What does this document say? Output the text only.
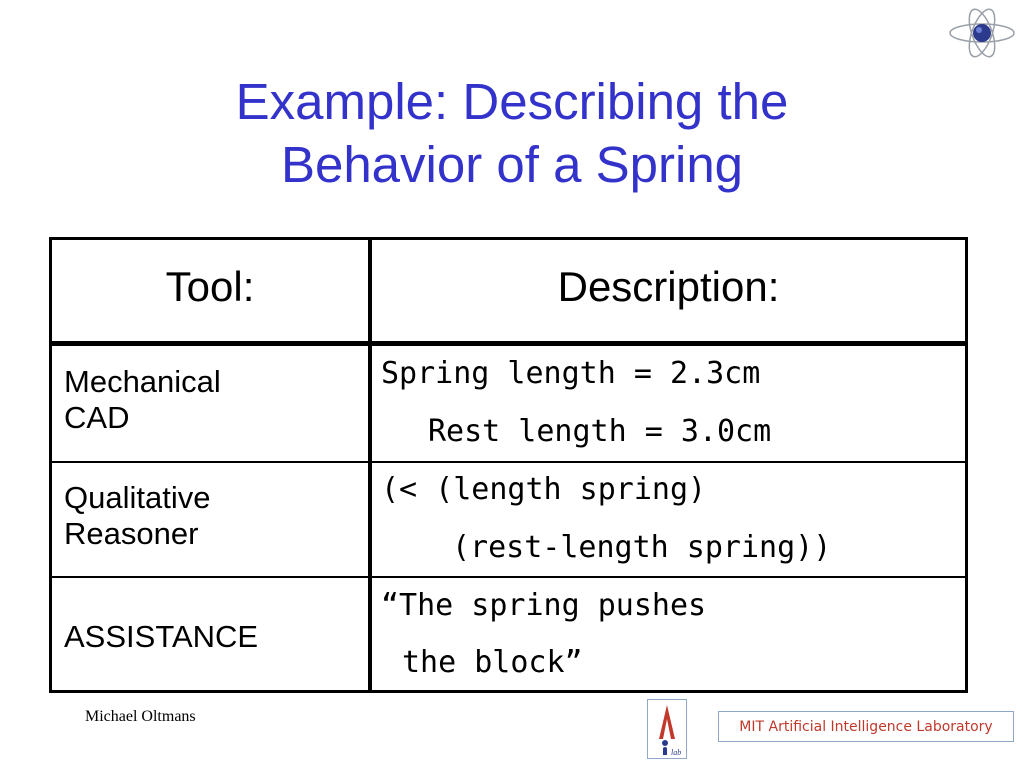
Example: Describing the
Behavior of a Spring
Tool:	Description:
Mechanical
CAD
Spring length = 2.3cm
Rest length = 3.0cm
Qualitative
Reasoner
(< (length spring)
(rest-length spring))
ASSISTANCE
“The spring pushes
the block”
Michael Oltmans
lab
MIT Artificial Intelligence Laboratory
